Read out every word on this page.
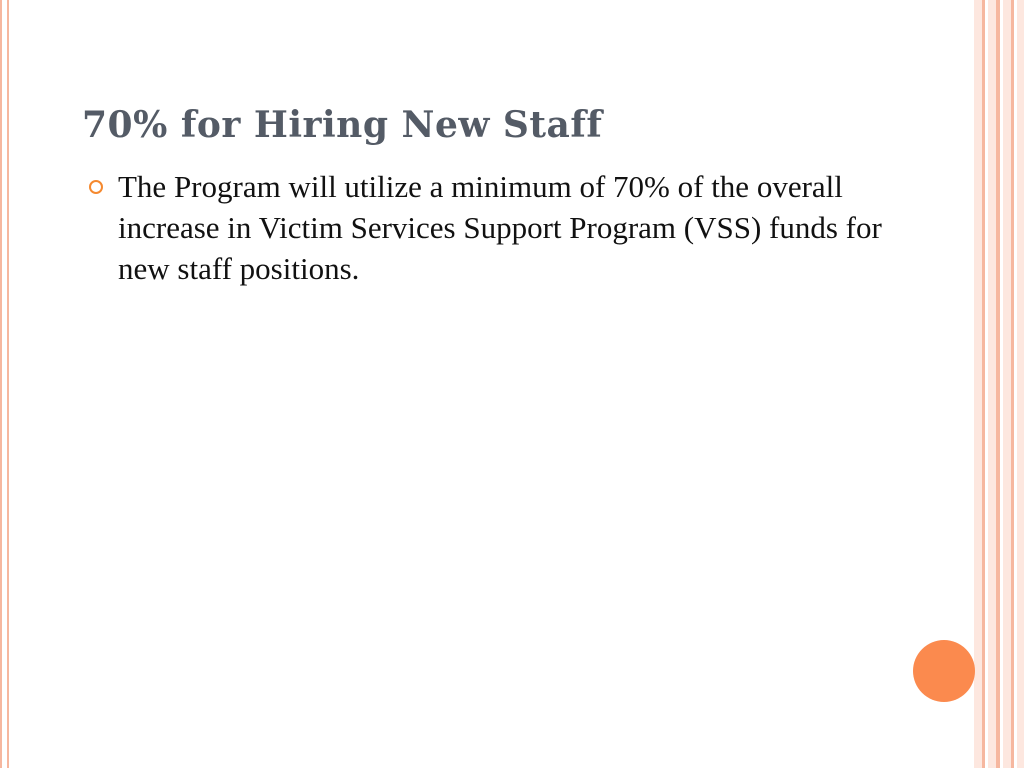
70% for Hiring New Staff
The Program will utilize a minimum of 70% of the overall increase in Victim Services Support Program (VSS) funds for new staff positions.
